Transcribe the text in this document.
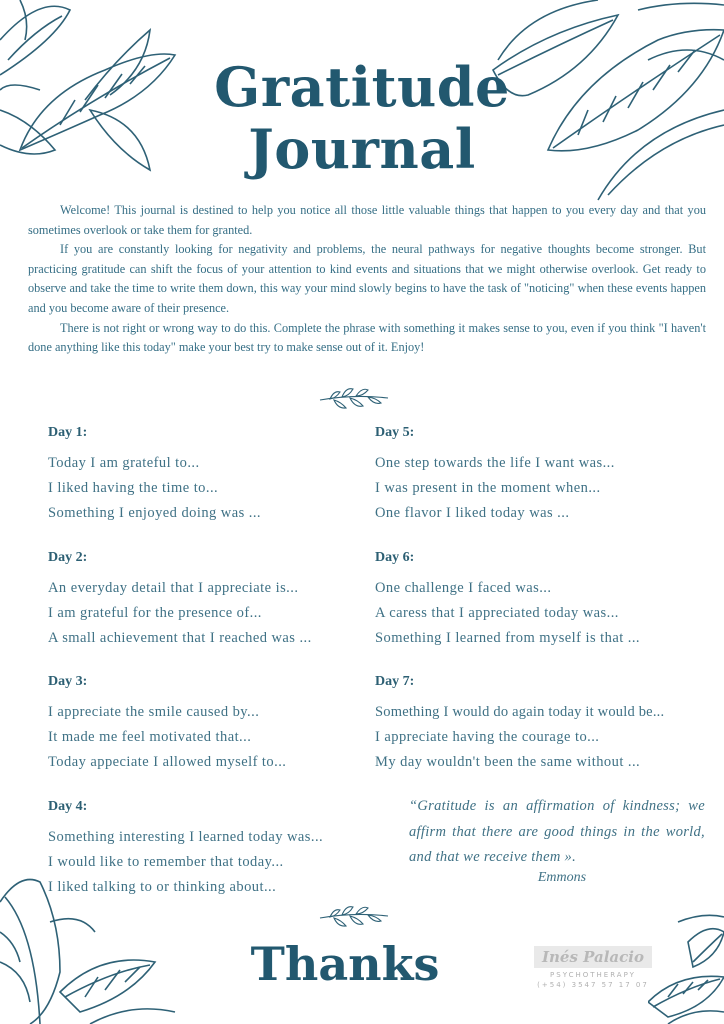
Gratitude
Journal

Welcome! This journal is destined to help you notice all those little valuable things that happen to you every day and that you sometimes overlook or take them for granted.

If you are constantly looking for negativity and problems, the neural pathways for negative thoughts become stronger. But practicing gratitude can shift the focus of your attention to kind events and situations that we might otherwise overlook. Get ready to observe and take the time to write them down, this way your mind slowly begins to have the task of "noticing" when these events happen and you become aware of their presence.

There is not right or wrong way to do this. Complete the phrase with something it makes sense to you, even if you think "I haven't done anything like this today" make your best try to make sense out of it. Enjoy!

Day 1:
Today I am grateful to...
I liked having the time to...
Something I enjoyed doing was ...
Day 2:
An everyday detail that I appreciate is...
I am grateful for the presence of...
A small achievement that I reached was ...
Day 3:
I appreciate the smile caused by...
It made me feel motivated that...
Today appeciate I allowed myself to...
Day 4:
Something interesting I learned today was...
I would like to remember that today...
I liked talking to or thinking about...
Day 5:
One step towards the life I want was...
I was present in the moment when...
One flavor I liked today was ...
Day 6:
One challenge I faced was...
A caress that I appreciated today was...
Something I learned from myself is that ...
Day 7:
Something I would do again today it would be...
I appreciate having the courage to...
My day wouldn't been the same without ...
“Gratitude is an affirmation of kindness; we affirm that there are good things in the world, and that we receive them ».
Emmons
Thanks	Inés Palacio
PSYCHOTHERAPY
(+54) 3547 57 17 07
